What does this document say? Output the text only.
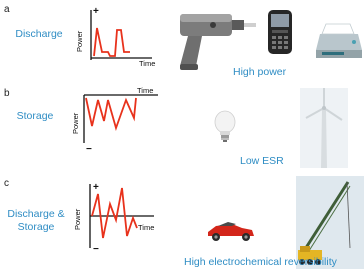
a
Discharge
+
Time
Power
High power
b
Storage
Time
Power
−
Low ESR
c
Discharge &
Storage
+
−
Time
Power
High electrochemical reversibility
